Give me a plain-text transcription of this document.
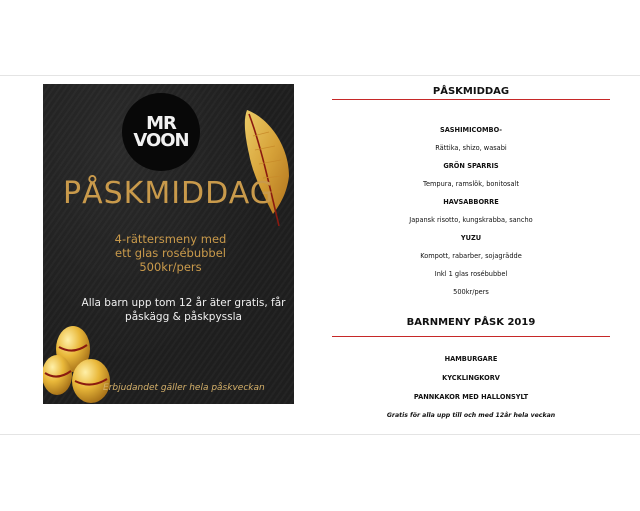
MR
VOON
PÅSKMIDDAG
4-rättersmeny med
ett glas rosébubbel
500kr/pers
Alla barn upp tom 12 år äter gratis, får påskägg & påskpyssla
Erbjudandet gäller hela påskveckan
PÅSKMIDDAG
SASHIMICOMBO-
Rättika, shizo, wasabi
GRÖN SPARRIS
Tempura, ramslök, bonitosalt
HAVSABBORRE
Japansk risotto, kungskrabba, sancho
YUZU
Kompott, rabarber, sojagrädde
Inkl 1 glas rosébubbel
500kr/pers
BARNMENY PÅSK 2019
HAMBURGARE
KYCKLINGKORV
PANNKAKOR MED HALLONSYLT
Gratis för alla upp till och med 12år hela veckan
